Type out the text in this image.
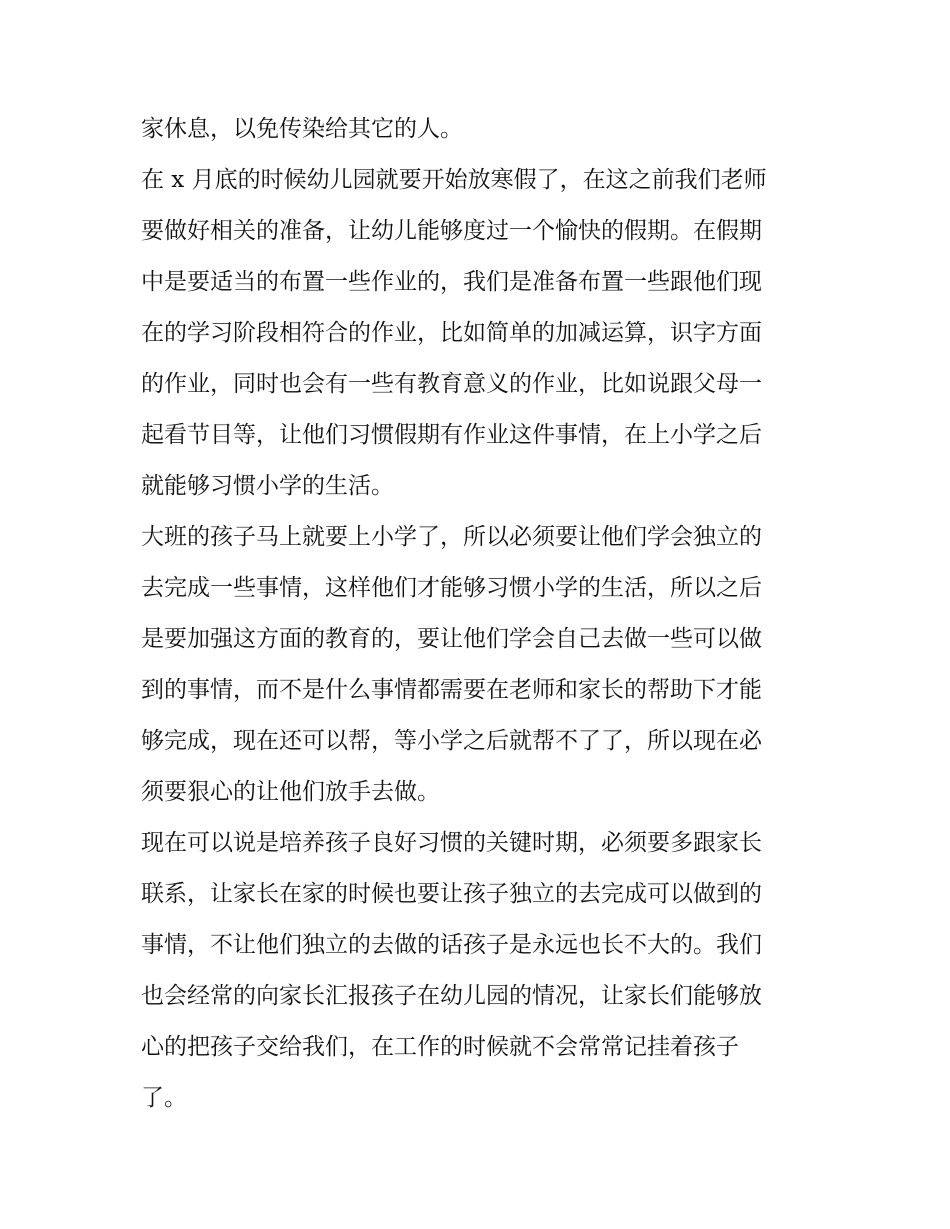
家休息，以免传染给其它的人。
在 x 月底的时候幼儿园就要开始放寒假了，在这之前我们老师
要做好相关的准备，让幼儿能够度过一个愉快的假期。在假期
中是要适当的布置一些作业的，我们是准备布置一些跟他们现
在的学习阶段相符合的作业，比如简单的加减运算，识字方面
的作业，同时也会有一些有教育意义的作业，比如说跟父母一
起看节目等，让他们习惯假期有作业这件事情，在上小学之后
就能够习惯小学的生活。
大班的孩子马上就要上小学了，所以必须要让他们学会独立的
去完成一些事情，这样他们才能够习惯小学的生活，所以之后
是要加强这方面的教育的，要让他们学会自己去做一些可以做
到的事情，而不是什么事情都需要在老师和家长的帮助下才能
够完成，现在还可以帮，等小学之后就帮不了了，所以现在必
须要狠心的让他们放手去做。
现在可以说是培养孩子良好习惯的关键时期，必须要多跟家长
联系，让家长在家的时候也要让孩子独立的去完成可以做到的
事情，不让他们独立的去做的话孩子是永远也长不大的。我们
也会经常的向家长汇报孩子在幼儿园的情况，让家长们能够放
心的把孩子交给我们，在工作的时候就不会常常记挂着孩子
了。
